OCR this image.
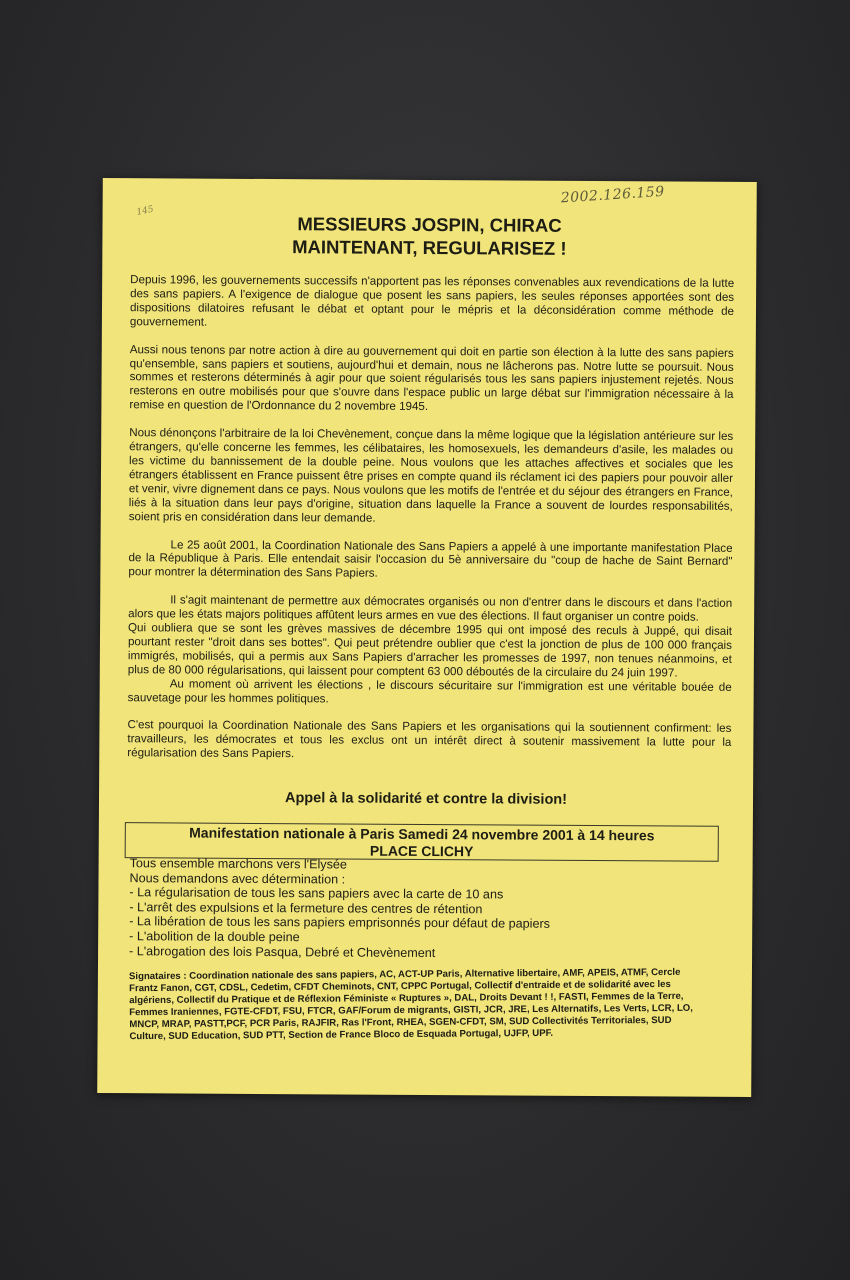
2002.126.159
145
MESSIEURS JOSPIN, CHIRAC
MAINTENANT, REGULARISEZ !

Depuis 1996, les gouvernements successifs n'apportent pas les réponses convenables aux revendications de la lutte des sans papiers. A l'exigence de dialogue que posent les sans papiers, les seules réponses apportées sont des dispositions dilatoires refusant le débat et optant pour le mépris et la déconsidération comme méthode de gouvernement.

Aussi nous tenons par notre action à dire au gouvernement qui doit en partie son élection à la lutte des sans papiers qu'ensemble, sans papiers et soutiens, aujourd'hui et demain, nous ne lâcherons pas. Notre lutte se poursuit. Nous sommes et resterons déterminés à agir pour que soient régularisés tous les sans papiers injustement rejetés. Nous resterons en outre mobilisés pour que s'ouvre dans l'espace public un large débat sur l'immigration nécessaire à la remise en question de l'Ordonnance du 2 novembre 1945.

Nous dénonçons l'arbitraire de la loi Chevènement, conçue dans la même logique que la législation antérieure sur les étrangers, qu'elle concerne les femmes, les célibataires, les homosexuels, les demandeurs d'asile, les malades ou les victime du bannissement de la double peine. Nous voulons que les attaches affectives et sociales que les étrangers établissent en France puissent être prises en compte quand ils réclament ici des papiers pour pouvoir aller et venir, vivre dignement dans ce pays. Nous voulons que les motifs de l'entrée et du séjour des étrangers en France, liés à la situation dans leur pays d'origine, situation dans laquelle la France a souvent de lourdes responsabilités, soient pris en considération dans leur demande.

Le 25 août 2001, la Coordination Nationale des Sans Papiers a appelé à une importante manifestation Place de la République à Paris. Elle entendait saisir l'occasion du 5è anniversaire du "coup de hache de Saint Bernard" pour montrer la détermination des Sans Papiers.

Il s'agit maintenant de permettre aux démocrates organisés ou non d'entrer dans le discours et dans l'action alors que les états majors politiques affûtent leurs armes en vue des élections. Il faut organiser un contre poids.

Qui oubliera que se sont les grèves massives de décembre 1995 qui ont imposé des reculs à Juppé, qui disait pourtant rester "droit dans ses bottes". Qui peut prétendre oublier que c'est la jonction de plus de 100 000 français immigrés, mobilisés, qui a permis aux Sans Papiers d'arracher les promesses de 1997, non tenues néanmoins, et plus de 80 000 régularisations, qui laissent pour comptent 63 000 déboutés de la circulaire du 24 juin 1997.

Au moment où arrivent les élections , le discours sécuritaire sur l'immigration est une véritable bouée de sauvetage pour les hommes politiques.

C'est pourquoi la Coordination Nationale des Sans Papiers et les organisations qui la soutiennent confirment: les travailleurs, les démocrates et tous les exclus ont un intérêt direct à soutenir massivement la lutte pour la régularisation des Sans Papiers.

Appel à la solidarité et contre la division!
Manifestation nationale à Paris Samedi 24 novembre 2001 à 14 heures
PLACE CLICHY
Tous ensemble marchons vers l'Elysée
Nous demandons avec détermination :
- La régularisation de tous les sans papiers avec la carte de 10 ans
- L'arrêt des expulsions et la fermeture des centres de rétention
- La libération de tous les sans papiers emprisonnés pour défaut de papiers
- L'abolition de la double peine
- L'abrogation des lois Pasqua, Debré et Chevènement
Signataires : Coordination nationale des sans papiers, AC, ACT-UP Paris, Alternative libertaire, AMF, APEIS, ATMF, Cercle Frantz Fanon, CGT, CDSL, Cedetim, CFDT Cheminots, CNT, CPPC Portugal, Collectif d'entraide et de solidarité avec les algériens, Collectif du Pratique et de Réflexion Féministe « Ruptures », DAL, Droits Devant ! !, FASTI, Femmes de la Terre, Femmes Iraniennes, FGTE-CFDT, FSU, FTCR, GAF/Forum de migrants, GISTI, JCR, JRE, Les Alternatifs, Les Verts, LCR, LO, MNCP, MRAP, PASTT,PCF, PCR Paris, RAJFIR, Ras l'Front, RHEA, SGEN-CFDT, SM, SUD Collectivités Territoriales, SUD Culture, SUD Education, SUD PTT, Section de France Bloco de Esquada Portugal, UJFP, UPF.
